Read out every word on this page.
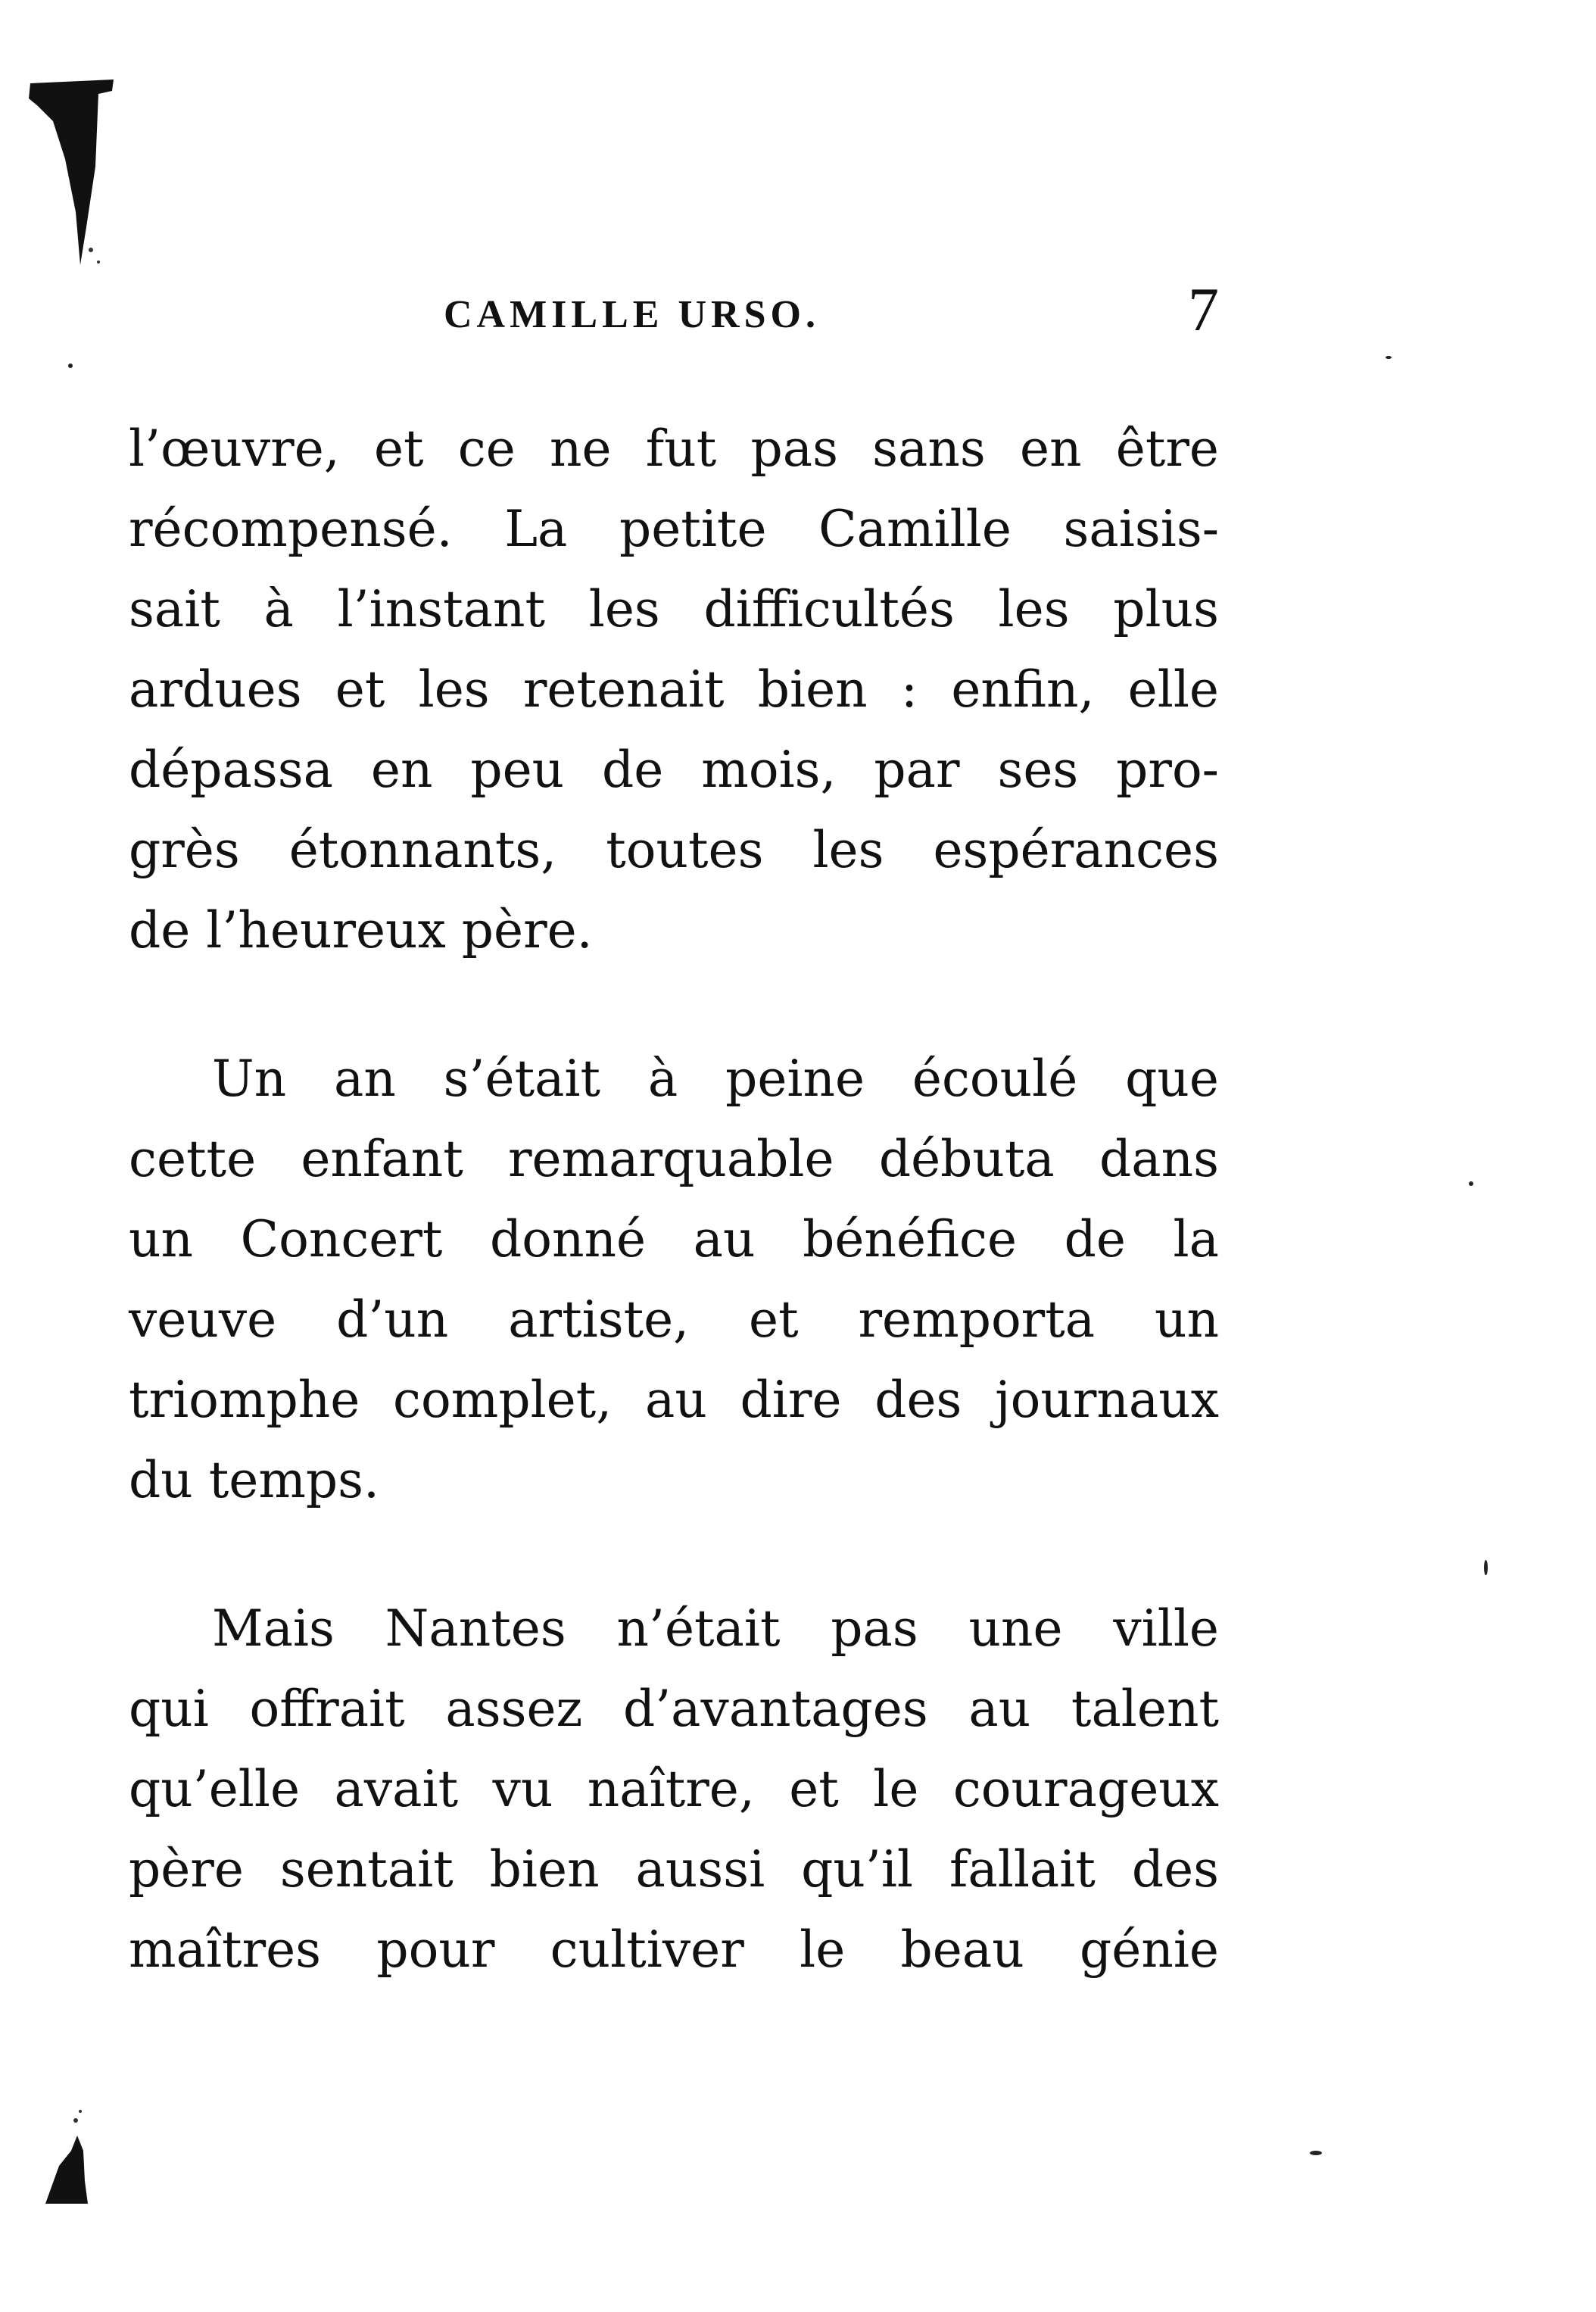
CAMILLE URSO.	7

l’œuvre, et ce ne fut pas sans en être
récompensé. La petite Camille saisis-
sait à l’instant les difficultés les plus
ardues et les retenait bien : enfin, elle
dépassa en peu de mois, par ses pro-
grès étonnants, toutes les espérances
de l’heureux père.

Un an s’était à peine écoulé que
cette enfant remarquable débuta dans
un Concert donné au bénéfice de la
veuve d’un artiste, et remporta un
triomphe complet, au dire des journaux
du temps.

Mais Nantes n’était pas une ville
qui offrait assez d’avantages au talent
qu’elle avait vu naître, et le courageux
père sentait bien aussi qu’il fallait des
maîtres pour cultiver le beau génie
